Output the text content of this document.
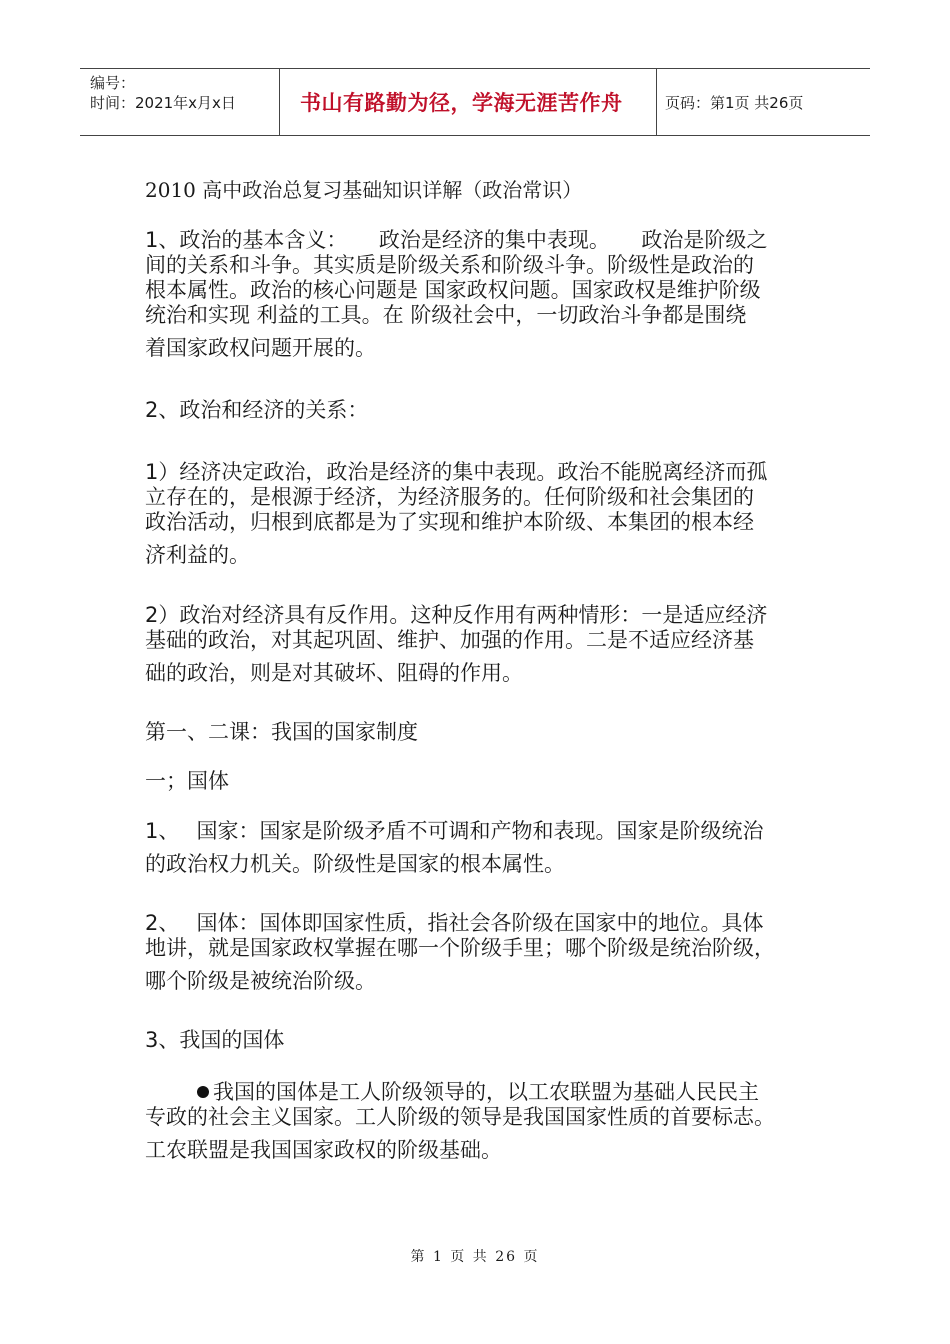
编号：
时间：2021年x月x日	书山有路勤为径，学海无涯苦作舟	页码：第1页 共26页

2010 高中政治总复习基础知识详解（政治常识）

1、政治的基本含义：　　政治是经济的集中表现。　　政治是阶级之
间的关系和斗争。其实质是阶级关系和阶级斗争。阶级性是政治的
根本属性。政治的核心问题是 国家政权问题。国家政权是维护阶级
统治和实现 利益的工具。在 阶级社会中，一切政治斗争都是围绕
着国家政权问题开展的。
2、政治和经济的关系：
1）经济决定政治，政治是经济的集中表现。政治不能脱离经济而孤
立存在的，是根源于经济，为经济服务的。任何阶级和社会集团的
政治活动，归根到底都是为了实现和维护本阶级、本集团的根本经
济利益的。
2）政治对经济具有反作用。这种反作用有两种情形：一是适应经济
基础的政治，对其起巩固、维护、加强的作用。二是不适应经济基
础的政治，则是对其破坏、阻碍的作用。
第一、二课：我国的国家制度
一；国体
1、　 国家：国家是阶级矛盾不可调和产物和表现。国家是阶级统治
的政治权力机关。阶级性是国家的根本属性。
2、　 国体：国体即国家性质，指社会各阶级在国家中的地位。具体
地讲，就是国家政权掌握在哪一个阶级手里；哪个阶级是统治阶级，
哪个阶级是被统治阶级。
3、我国的国体
我国的国体是工人阶级领导的，以工农联盟为基础人民民主
专政的社会主义国家。工人阶级的领导是我国国家性质的首要标志。
工农联盟是我国国家政权的阶级基础。
第 1 页 共 26 页
